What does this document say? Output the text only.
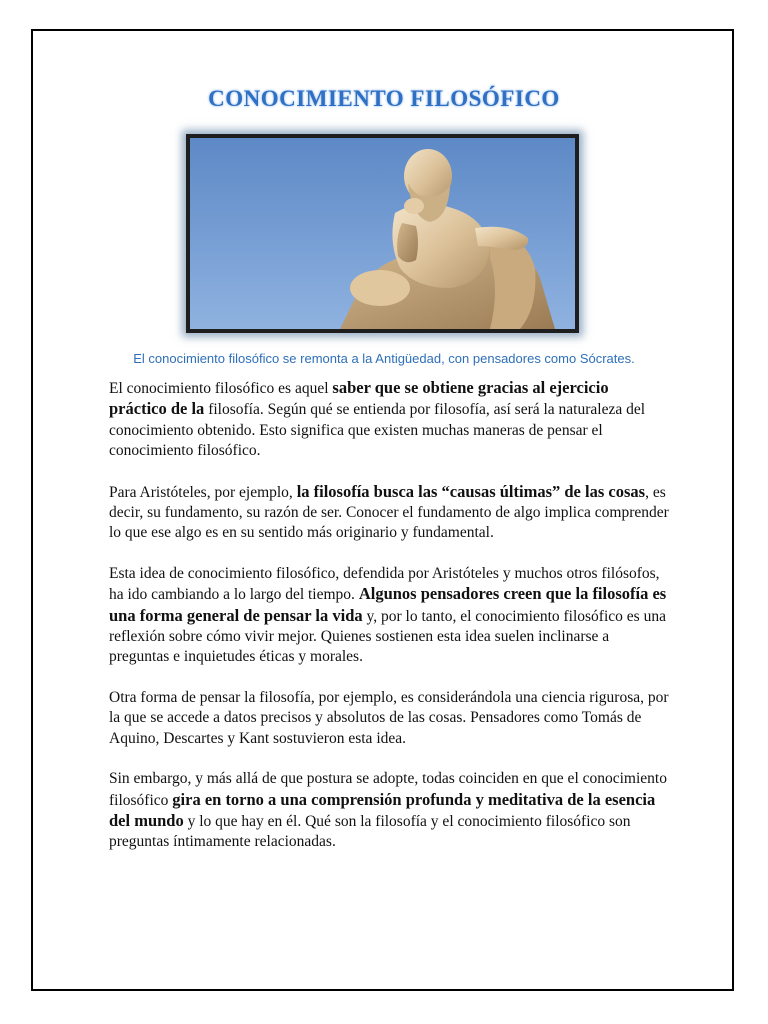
CONOCIMIENTO FILOSÓFICO
El conocimiento filosófico se remonta a la Antigüedad, con pensadores como Sócrates.

El conocimiento filosófico es aquel saber que se obtiene gracias al ejercicio práctico de la filosofía. Según qué se entienda por filosofía, así será la naturaleza del conocimiento obtenido. Esto significa que existen muchas maneras de pensar el conocimiento filosófico.

Para Aristóteles, por ejemplo, la filosofía busca las “causas últimas” de las cosas, es decir, su fundamento, su razón de ser. Conocer el fundamento de algo implica comprender lo que ese algo es en su sentido más originario y fundamental.

Esta idea de conocimiento filosófico, defendida por Aristóteles y muchos otros filósofos, ha ido cambiando a lo largo del tiempo. Algunos pensadores creen que la filosofía es una forma general de pensar la vida y, por lo tanto, el conocimiento filosófico es una reflexión sobre cómo vivir mejor. Quienes sostienen esta idea suelen inclinarse a preguntas e inquietudes éticas y morales.

Otra forma de pensar la filosofía, por ejemplo, es considerándola una ciencia rigurosa, por la que se accede a datos precisos y absolutos de las cosas. Pensadores como Tomás de Aquino, Descartes y Kant sostuvieron esta idea.

Sin embargo, y más allá de que postura se adopte, todas coinciden en que el conocimiento filosófico gira en torno a una comprensión profunda y meditativa de la esencia del mundo y lo que hay en él. Qué son la filosofía y el conocimiento filosófico son preguntas íntimamente relacionadas.
